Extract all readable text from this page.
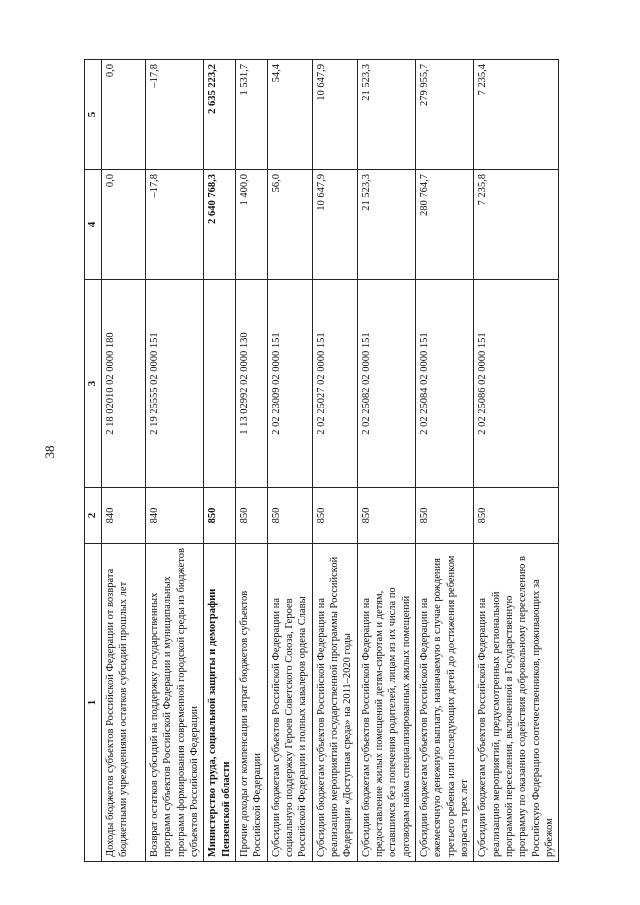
38
1	2	3	4	5
Доходы бюджетов субъектов Российской Федерации от возврата бюджетными учреждениями остатков субсидий прошлых лет	840	2 18 02010 02 0000 180	0,0	0,0
Возврат остатков субсидий на поддержку государственных программ субъектов Российской Федерации и муниципальных программ формирования современной городской среды из бюджетов субъектов Российской Федерации	840	2 19 25555 02 0000 151	–17,8	–17,8
Министерство труда, социальной защиты и демографии Пензенской области	850		2 640 768,3	2 635 223,2
Прочие доходы от компенсации затрат бюджетов субъектов Российской Федерации	850	1 13 02992 02 0000 130	1 400,0	1 531,7
Субсидии бюджетам субъектов Российской Федерации на социальную поддержку Героев Советского Союза, Героев Российской Федерации и полных кавалеров ордена Славы	850	2 02 23009 02 0000 151	56,0	54,4
Субсидии бюджетам субъектов Российской Федерации на реализацию мероприятий государственной программы Российской Федерации «Доступная среда» на 2011–2020 годы	850	2 02 25027 02 0000 151	10 647,9	10 647,9
Субсидии бюджетам субъектов Российской Федерации на предоставление жилых помещений детям-сиротам и детям, оставшимся без попечения родителей, лицам из их числа по договорам найма специализированных жилых помещений	850	2 02 25082 02 0000 151	21 523,3	21 523,3
Субсидии бюджетам субъектов Российской Федерации на ежемесячную денежную выплату, назначаемую в случае рождения третьего ребенка или последующих детей до достижения ребенком возраста трех лет	850	2 02 25084 02 0000 151	280 764,7	279 955,7
Субсидии бюджетам субъектов Российской Федерации на реализацию мероприятий, предусмотренных региональной программой переселения, включенной в Государственную программу по оказанию содействия добровольному переселению в Российскую Федерацию соотечественников, проживающих за рубежом	850	2 02 25086 02 0000 151	7 235,8	7 235,4
